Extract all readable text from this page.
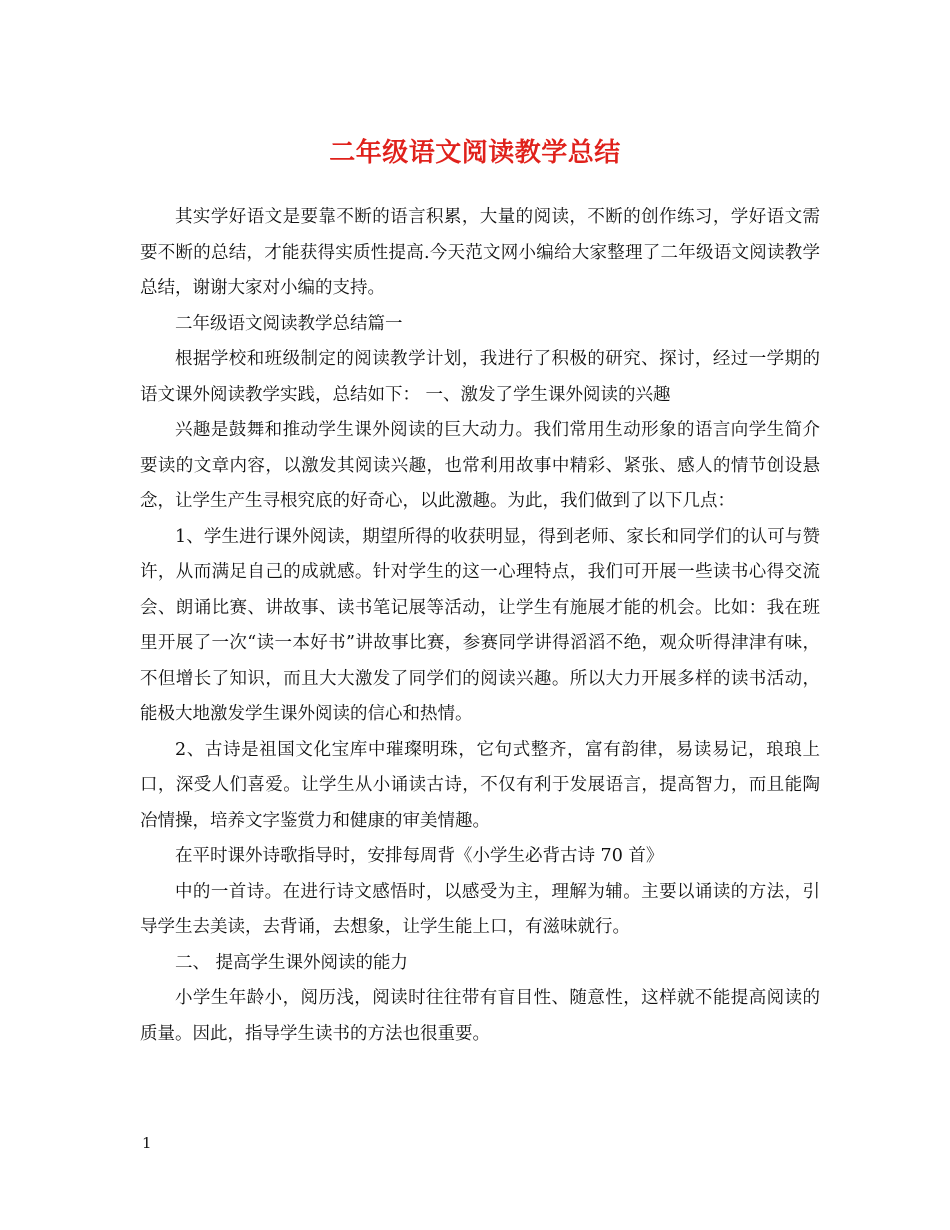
二年级语文阅读教学总结

其实学好语文是要靠不断的语言积累，大量的阅读，不断的创作练习，学好语文需要不断的总结，才能获得实质性提高.今天范文网小编给大家整理了二年级语文阅读教学总结，谢谢大家对小编的支持。

二年级语文阅读教学总结篇一

根据学校和班级制定的阅读教学计划，我进行了积极的研究、探讨，经过一学期的语文课外阅读教学实践，总结如下： 一、激发了学生课外阅读的兴趣

兴趣是鼓舞和推动学生课外阅读的巨大动力。我们常用生动形象的语言向学生简介要读的文章内容，以激发其阅读兴趣，也常利用故事中精彩、紧张、感人的情节创设悬念，让学生产生寻根究底的好奇心，以此激趣。为此，我们做到了以下几点：

1、学生进行课外阅读，期望所得的收获明显，得到老师、家长和同学们的认可与赞许，从而满足自己的成就感。针对学生的这一心理特点，我们可开展一些读书心得交流会、朗诵比赛、讲故事、读书笔记展等活动，让学生有施展才能的机会。比如：我在班里开展了一次“读一本好书”讲故事比赛，参赛同学讲得滔滔不绝，观众听得津津有味，不但增长了知识，而且大大激发了同学们的阅读兴趣。所以大力开展多样的读书活动，能极大地激发学生课外阅读的信心和热情。

2、古诗是祖国文化宝库中璀璨明珠，它句式整齐，富有韵律，易读易记，琅琅上口，深受人们喜爱。让学生从小诵读古诗，不仅有利于发展语言，提高智力，而且能陶冶情操，培养文字鉴赏力和健康的审美情趣。

在平时课外诗歌指导时，安排每周背《小学生必背古诗 70 首》

中的一首诗。在进行诗文感悟时，以感受为主，理解为辅。主要以诵读的方法，引导学生去美读，去背诵，去想象，让学生能上口，有滋味就行。

二、 提高学生课外阅读的能力

小学生年龄小，阅历浅，阅读时往往带有盲目性、随意性，这样就不能提高阅读的质量。因此，指导学生读书的方法也很重要。

1
